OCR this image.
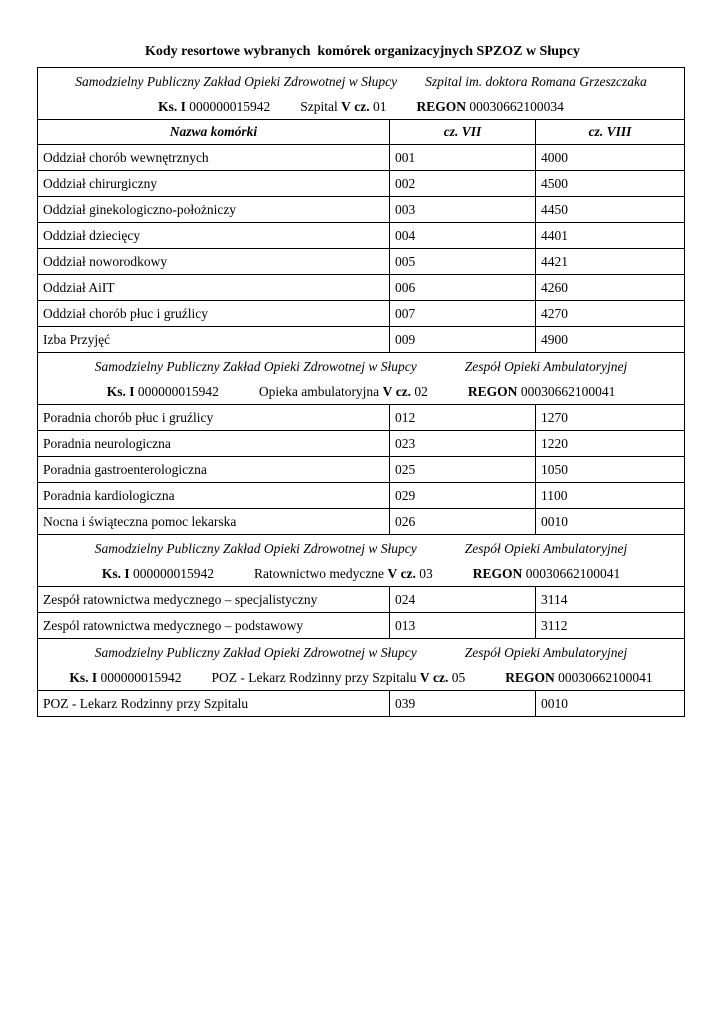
Kody resortowe wybranych  komórek organizacyjnych SPZOZ w Słupcy
Samodzielny Publiczny Zakład Opieki Zdrowotnej w Słupcy Szpital im. doktora Romana Grzeszczaka
Ks. I 000000015942 Szpital V cz. 01 REGON 00030662100034		

Nazwa komórki	cz. VII	cz. VIII
Oddział chorób wewnętrznych	001	4000
Oddział chirurgiczny	002	4500
Oddział ginekologiczno-położniczy	003	4450
Oddział dziecięcy	004	4401
Oddział noworodkowy	005	4421
Oddział AiIT	006	4260
Oddział chorób płuc i gruźlicy	007	4270
Izba Przyjęć	009	4900

Samodzielny Publiczny Zakład Opieki Zdrowotnej w Słupcy Zespół Opieki Ambulatoryjnej
Ks. I 000000015942 Opieka ambulatoryjna V cz. 02 REGON 00030662100041		

Poradnia chorób płuc i gruźlicy	012	1270
Poradnia neurologiczna	023	1220
Poradnia gastroenterologiczna	025	1050
Poradnia kardiologiczna	029	1100
Nocna i świąteczna pomoc lekarska	026	0010

Samodzielny Publiczny Zakład Opieki Zdrowotnej w Słupcy Zespół Opieki Ambulatoryjnej
Ks. I 000000015942 Ratownictwo medyczne V cz. 03 REGON 00030662100041		

Zespół ratownictwa medycznego – specjalistyczny	024	3114
Zespól ratownictwa medycznego – podstawowy	013	3112

Samodzielny Publiczny Zakład Opieki Zdrowotnej w Słupcy Zespół Opieki Ambulatoryjnej
Ks. I 000000015942 POZ - Lekarz Rodzinny przy Szpitalu V cz. 05 REGON 00030662100041		

POZ - Lekarz Rodzinny przy Szpitalu	039	0010
